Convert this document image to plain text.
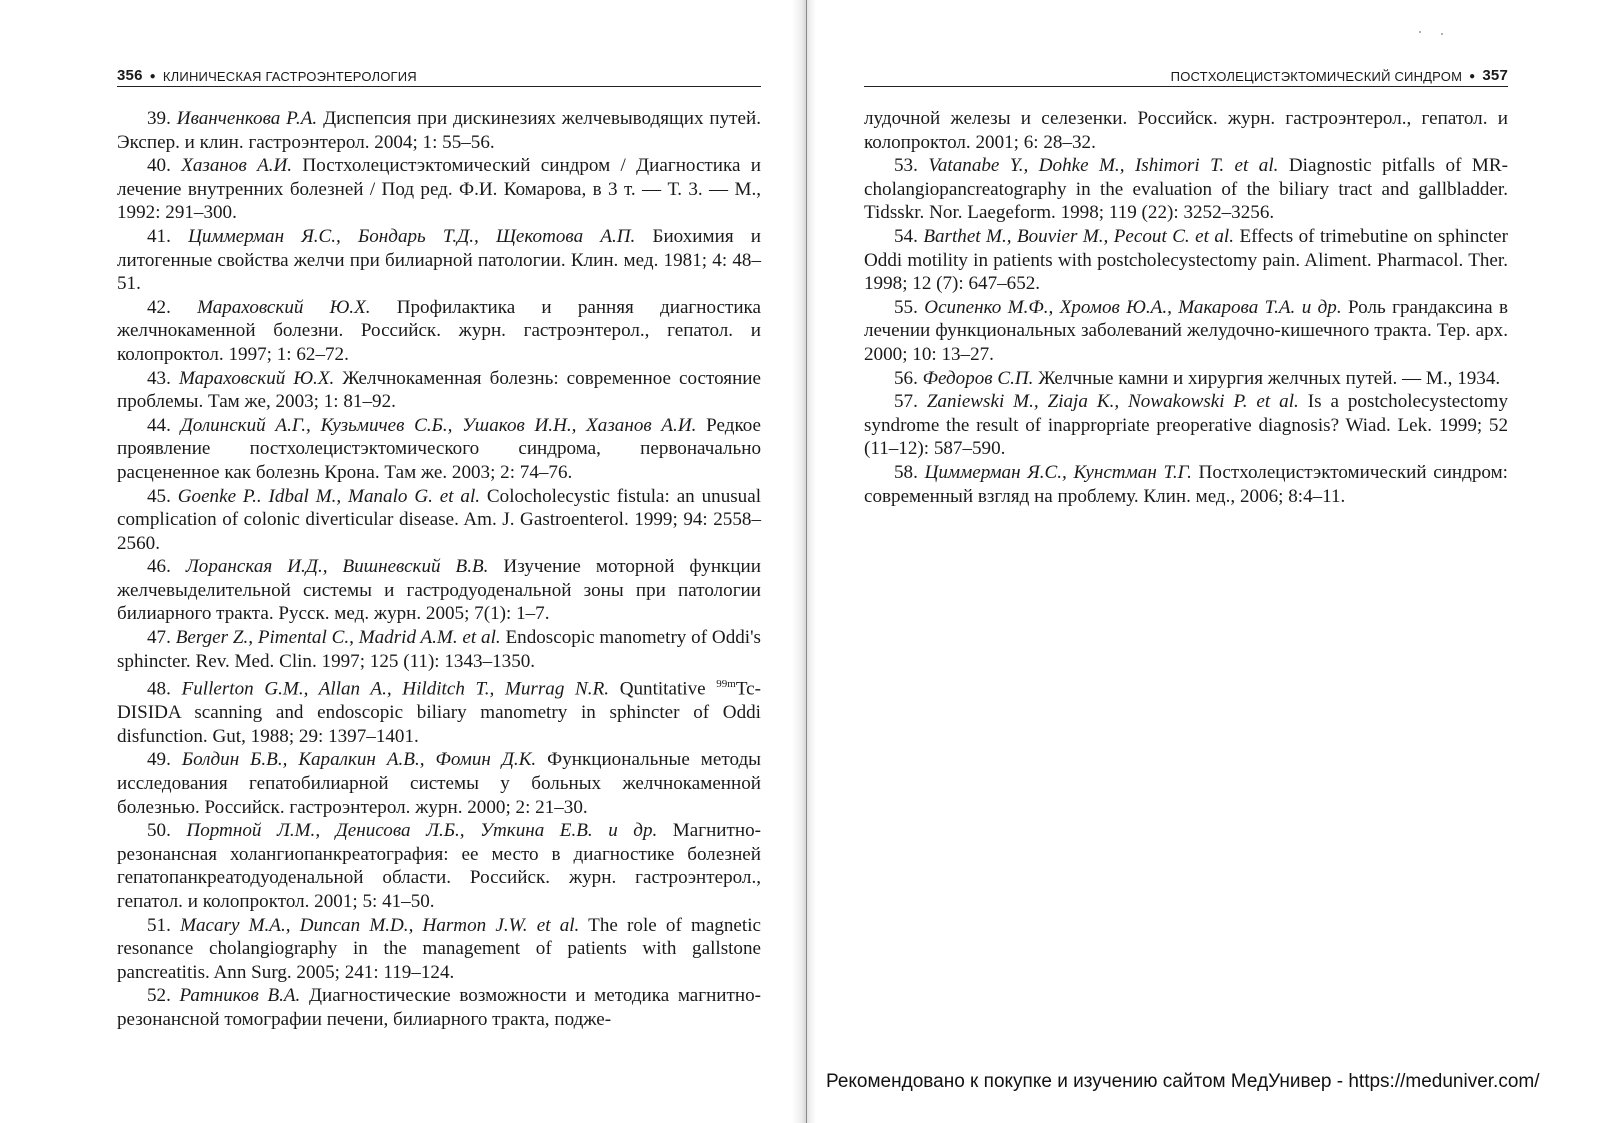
356 ● КЛИНИЧЕСКАЯ ГАСТРОЭНТЕРОЛОГИЯ

39. Иванченкова Р.А. Диспепсия при дискинезиях желчевыводящих путей. Экспер. и клин. гастроэнтерол. 2004; 1: 55–56.

40. Хазанов А.И. Постхолецистэктомический синдром / Диагностика и лечение внутренних болезней / Под ред. Ф.И. Комарова, в 3 т. — Т. 3. — М., 1992: 291–300.

41. Циммерман Я.С., Бондарь Т.Д., Щекотова А.П. Биохимия и литогенные свойства желчи при билиарной патологии. Клин. мед. 1981; 4: 48–51.

42. Мараховский Ю.Х. Профилактика и ранняя диагностика желчнокаменной болезни. Российск. журн. гастроэнтерол., гепатол. и колопроктол. 1997; 1: 62–72.

43. Мараховский Ю.Х. Желчнокаменная болезнь: современное состояние проблемы. Там же, 2003; 1: 81–92.

44. Долинский А.Г., Кузьмичев С.Б., Ушаков И.Н., Хазанов А.И. Редкое проявление постхолецистэктомического синдрома, первоначально расцененное как болезнь Крона. Там же. 2003; 2: 74–76.

45. Goenke P.. Idbal M., Manalo G. et al. Colocholecystic fistula: an unusual complication of colonic diverticular disease. Am. J. Gastroenterol. 1999; 94: 2558–2560.

46. Лоранская И.Д., Вишневский В.В. Изучение моторной функции желчевыделительной системы и гастродуоденальной зоны при патологии билиарного тракта. Русск. мед. журн. 2005; 7(1): 1–7.

47. Berger Z., Pimental C., Madrid A.M. et al. Endoscopic manometry of Oddi's sphincter. Rev. Med. Clin. 1997; 125 (11): 1343–1350.

48. Fullerton G.M., Allan A., Hilditch T., Murrag N.R. Quntitative $^{99m}$Tc-DISIDA scanning and endoscopic biliary manometry in sphincter of Oddi disfunction. Gut, 1988; 29: 1397–1401.

49. Болдин Б.В., Каралкин А.В., Фомин Д.К. Функциональные методы исследования гепатобилиарной системы у больных желчнокаменной болезнью. Российск. гастроэнтерол. журн. 2000; 2: 21–30.

50. Портной Л.М., Денисова Л.Б., Уткина Е.В. и др. Магнитно-резонансная холангиопанкреатография: ее место в диагностике болезней гепатопанкреатодуоденальной области. Российск. журн. гастроэнтерол., гепатол. и колопроктол. 2001; 5: 41–50.

51. Macary M.A., Duncan M.D., Harmon J.W. et al. The role of magnetic resonance cholangiography in the management of patients with gallstone pancreatitis. Ann Surg. 2005; 241: 119–124.

52. Ратников В.А. Диагностические возможности и методика магнитно-резонансной томографии печени, билиарного тракта, подже-

ПОСТХОЛЕЦИСТЭКТОМИЧЕСКИЙ СИНДРОМ ● 357

лудочной железы и селезенки. Российск. журн. гастроэнтерол., гепатол. и колопроктол. 2001; 6: 28–32.

53. Vatanabe Y., Dohke M., Ishimori T. et al. Diagnostic pitfalls of MR-cholangiopancreatography in the evaluation of the biliary tract and gallbladder. Tidsskr. Nor. Laegeform. 1998; 119 (22): 3252–3256.

54. Barthet M., Bouvier M., Pecout C. et al. Effects of trimebutine on sphincter Oddi motility in patients with postcholecystectomy pain. Aliment. Pharmacol. Ther. 1998; 12 (7): 647–652.

55. Осипенко М.Ф., Хромов Ю.А., Макарова Т.А. и др. Роль грандаксина в лечении функциональных заболеваний желудочно-кишечного тракта. Тер. арх. 2000; 10: 13–27.

56. Федоров С.П. Желчные камни и хирургия желчных путей. — М., 1934.

57. Zaniewski M., Ziaja K., Nowakowski P. et al. Is a postcholecystectomy syndrome the result of inappropriate preoperative diagnosis? Wiad. Lek. 1999; 52 (11–12): 587–590.

58. Циммерман Я.С., Кунстман Т.Г. Постхолецистэктомический синдром: современный взгляд на проблему. Клин. мед., 2006; 8:4–11.

Рекомендовано к покупке и изучению сайтом МедУнивер - https://meduniver.com/
